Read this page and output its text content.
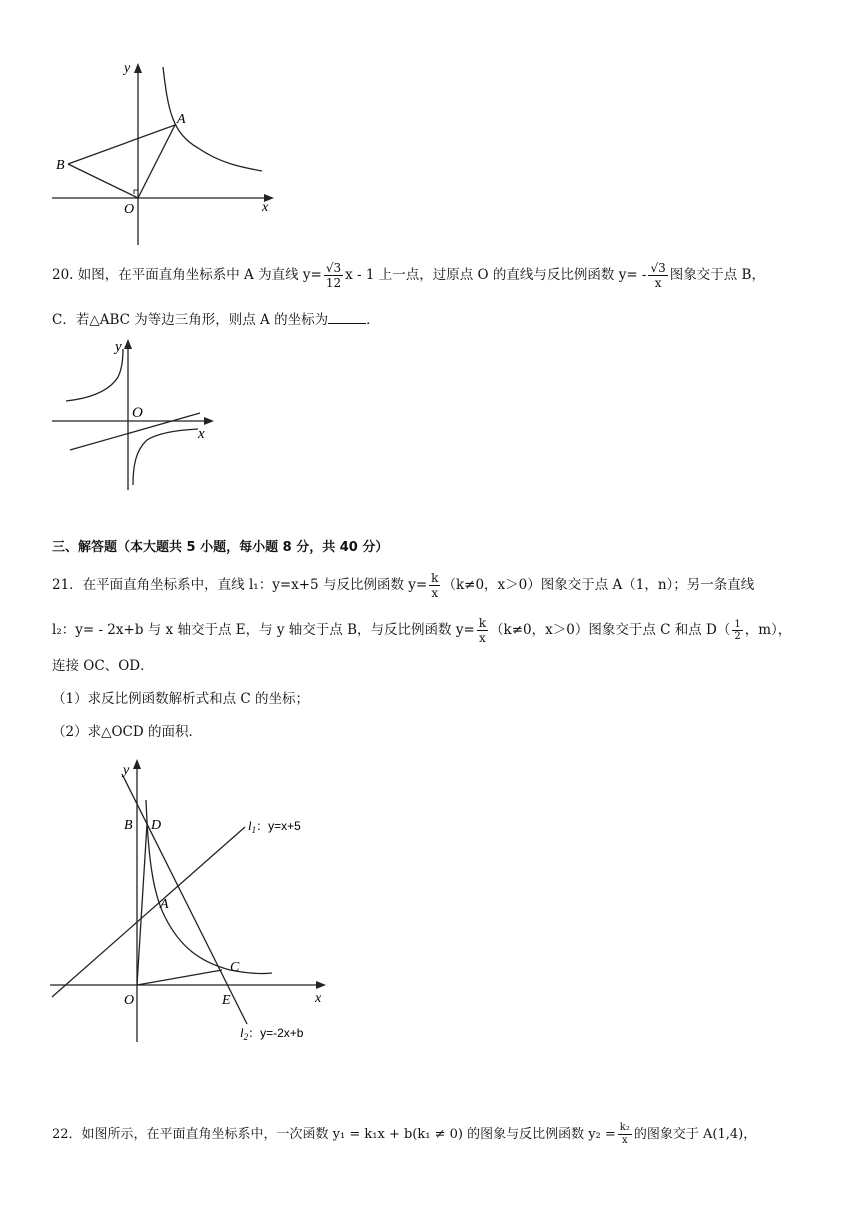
y
x
O
A
B
20. 如图，在平面直角坐标系中 A 为直线 $y= \frac{√3}{12}$ x - 1 上一点，过原点 O 的直线与反比例函数 $y= - \frac{√3}{x}$ 图象交于点 B，
C．若△ABC 为等边三角形，则点 A 的坐标为	．
y
x
O
三、解答题（本大题共 5 小题，每小题 8 分，共 40 分）
21．在平面直角坐标系中，直线 l₁：y=x+5 与反比例函数 $y= \frac{k}{x} (k\ne 0$，x＞0）图象交于点 A（1，n）；另一条直线
l₂：y= - 2x+b 与 x 轴交于点 E，与 y 轴交于点 B，与反比例函数 $y= \frac{k}{x} (k\ne 0$，x＞0）图象交于点 C 和点 $D( \frac{1}{2}$ ，m），
连接 OC、OD．
（1）求反比例函数解析式和点 C 的坐标；
（2）求△OCD 的面积．
y
x
O
B D
A
C
E
$l_1$：y=x+5
$l_2$：y=-2x+b
22．如图所示，在平面直角坐标系中，一次函数 y₁ = k₁x + b(k₁ ≠ 0) 的图象与反比例函数 $y_2 = \frac{\text{k₂}}{x}$ 的图象交于 A(1,4)，
